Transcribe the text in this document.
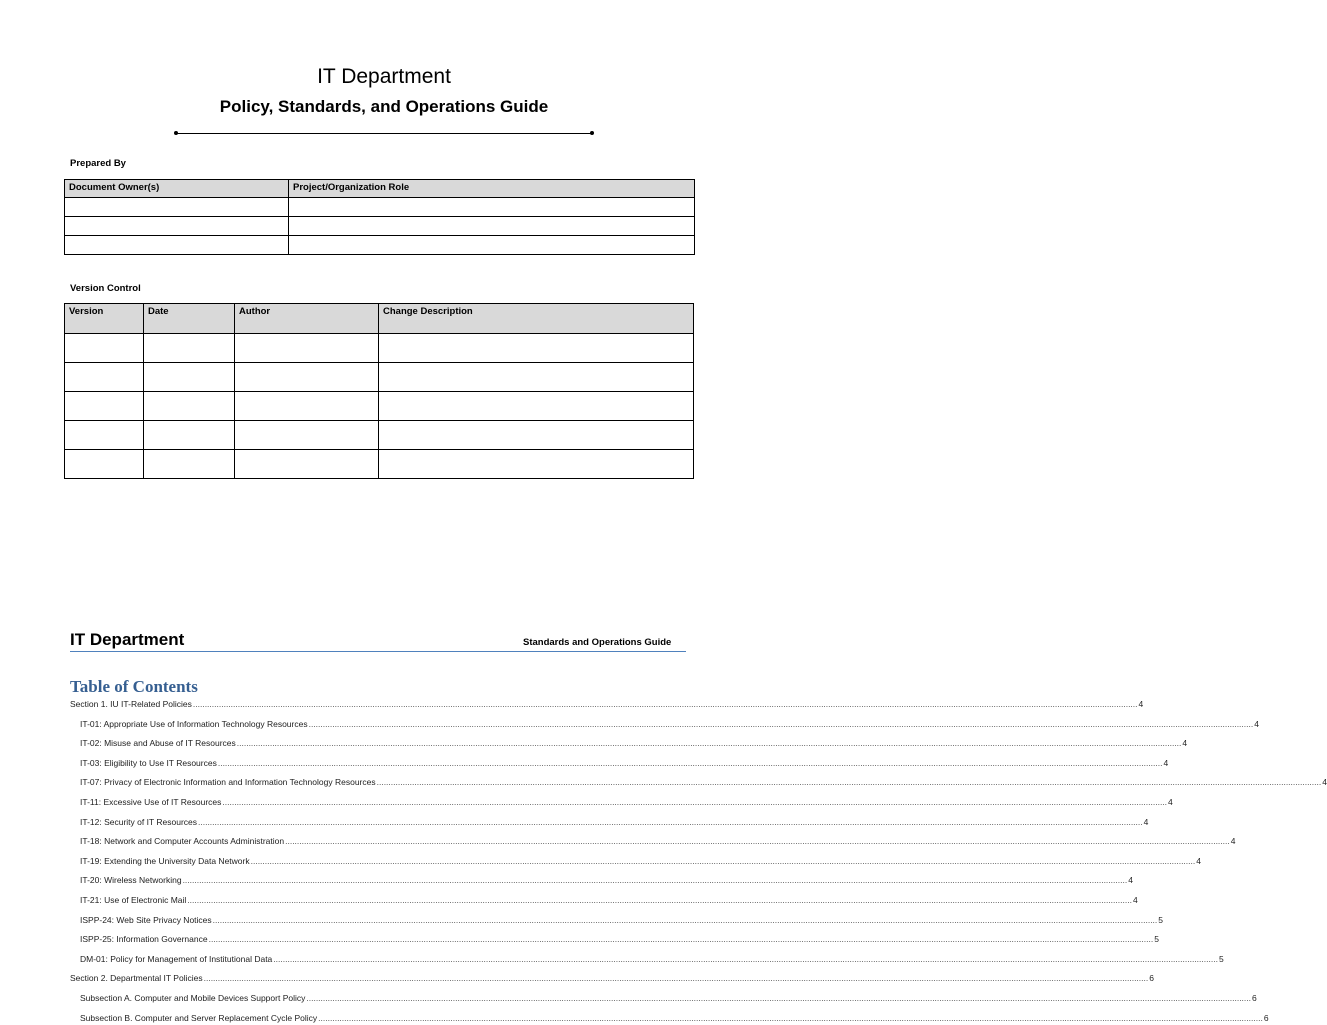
IT Department
Policy, Standards, and Operations Guide
Prepared By
Document Owner(s)	Project/Organization Role

Version Control
Version	Date	Author	Change Description

IT Department	Standards and Operations Guide
Table of Contents
Section 1. IU IT-Related Policies ................................................................................................................................................................................................................................................................................................................................................................................................................ 4
IT-01: Appropriate Use of Information Technology Resources ................................................................................................................................................................................................................................................................................................................................................................................................................ 4
IT-02: Misuse and Abuse of IT Resources ................................................................................................................................................................................................................................................................................................................................................................................................................ 4
IT-03: Eligibility to Use IT Resources ................................................................................................................................................................................................................................................................................................................................................................................................................ 4
IT-07: Privacy of Electronic Information and Information Technology Resources ................................................................................................................................................................................................................................................................................................................................................................................................................ 4
IT-11: Excessive Use of IT Resources ................................................................................................................................................................................................................................................................................................................................................................................................................ 4
IT-12: Security of IT Resources ................................................................................................................................................................................................................................................................................................................................................................................................................ 4
IT-18: Network and Computer Accounts Administration ................................................................................................................................................................................................................................................................................................................................................................................................................ 4
IT-19: Extending the University Data Network ................................................................................................................................................................................................................................................................................................................................................................................................................ 4
IT-20: Wireless Networking ................................................................................................................................................................................................................................................................................................................................................................................................................ 4
IT-21: Use of Electronic Mail ................................................................................................................................................................................................................................................................................................................................................................................................................ 4
ISPP-24: Web Site Privacy Notices ................................................................................................................................................................................................................................................................................................................................................................................................................ 5
ISPP-25: Information Governance ................................................................................................................................................................................................................................................................................................................................................................................................................ 5
DM-01: Policy for Management of Institutional Data ................................................................................................................................................................................................................................................................................................................................................................................................................ 5
Section 2. Departmental IT Policies ................................................................................................................................................................................................................................................................................................................................................................................................................ 6
Subsection A. Computer and Mobile Devices Support Policy ................................................................................................................................................................................................................................................................................................................................................................................................................ 6
Subsection B. Computer and Server Replacement Cycle Policy ................................................................................................................................................................................................................................................................................................................................................................................................................ 6
